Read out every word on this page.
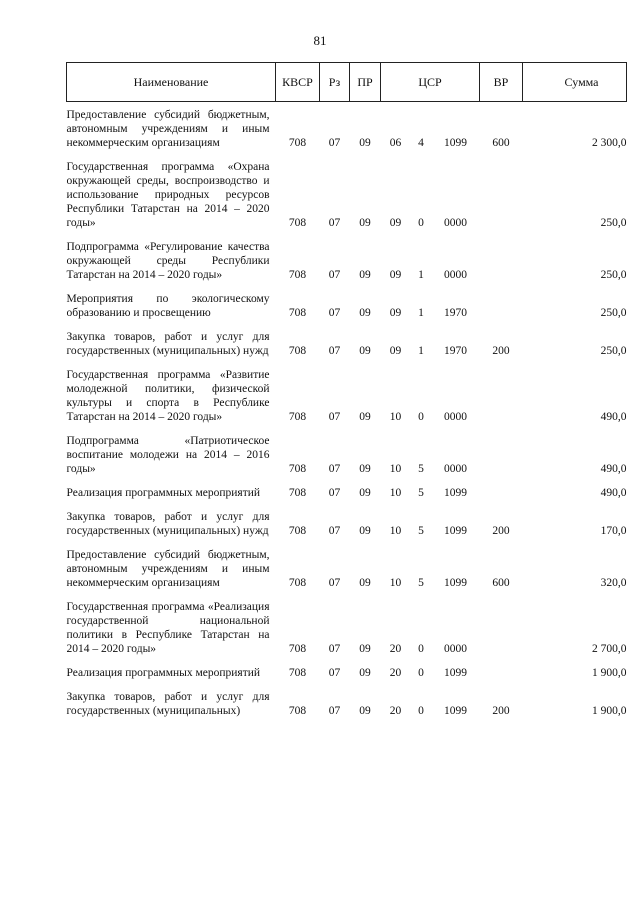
81
Наименование	КВСР	Рз	ПР	ЦСР			ВР	Сумма
Предоставление субсидий бюджетным, автономным учреждениям и иным некоммерческим организациям	708	07	09	06	4	1099	600	2 300,0
Государственная программа «Охрана окружающей среды, воспроизводство и использование природных ресурсов Республики Татарстан на 2014 – 2020 годы»	708	07	09	09	0	0000		250,0
Подпрограмма «Регулирование качества окружающей среды Республики Татарстан на 2014 – 2020 годы»	708	07	09	09	1	0000		250,0
Мероприятия по экологическому образованию и просвещению	708	07	09	09	1	1970		250,0
Закупка товаров, работ и услуг для государственных (муниципальных) нужд	708	07	09	09	1	1970	200	250,0
Государственная программа «Развитие молодежной политики, физической культуры и спорта в Республике Татарстан на 2014 – 2020 годы»	708	07	09	10	0	0000		490,0
Подпрограмма «Патриотическое воспитание молодежи на 2014 – 2016 годы»	708	07	09	10	5	0000		490,0
Реализация программных мероприятий	708	07	09	10	5	1099		490,0
Закупка товаров, работ и услуг для государственных (муниципальных) нужд	708	07	09	10	5	1099	200	170,0
Предоставление субсидий бюджетным, автономным учреждениям и иным некоммерческим организациям	708	07	09	10	5	1099	600	320,0
Государственная программа «Реализация государственной национальной политики в Республике Татарстан на 2014 – 2020 годы»	708	07	09	20	0	0000		2 700,0
Реализация программных мероприятий	708	07	09	20	0	1099		1 900,0
Закупка товаров, работ и услуг для государственных (муниципальных)	708	07	09	20	0	1099	200	1 900,0
